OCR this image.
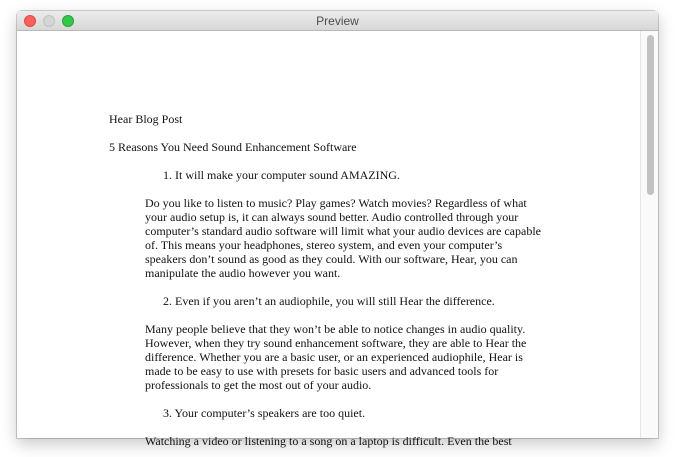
Preview
Hear Blog Post
5 Reasons You Need Sound Enhancement Software
1. It will make your computer sound AMAZING.
Do you like to listen to music? Play games? Watch movies? Regardless of what
your audio setup is, it can always sound better. Audio controlled through your
computer’s standard audio software will limit what your audio devices are capable
of. This means your headphones, stereo system, and even your computer’s
speakers don’t sound as good as they could. With our software, Hear, you can
manipulate the audio however you want.
2. Even if you aren’t an audiophile, you will still Hear the difference.
Many people believe that they won’t be able to notice changes in audio quality.
However, when they try sound enhancement software, they are able to Hear the
difference. Whether you are a basic user, or an experienced audiophile, Hear is
made to be easy to use with presets for basic users and advanced tools for
professionals to get the most out of your audio.
3. Your computer’s speakers are too quiet.
Watching a video or listening to a song on a laptop is difficult. Even the best
